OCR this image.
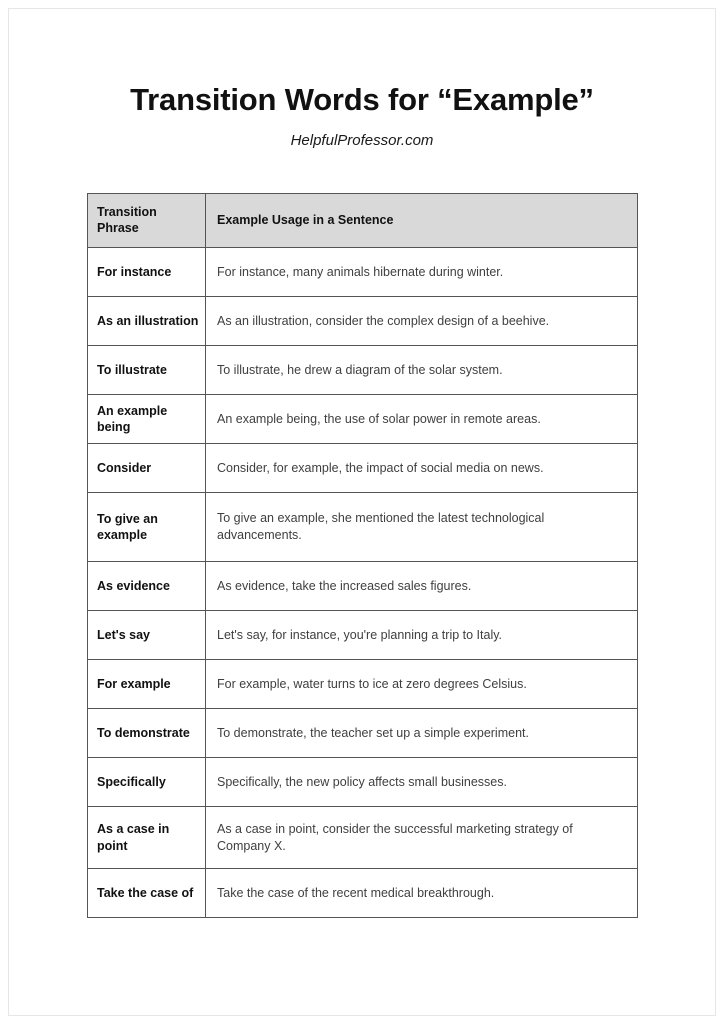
Transition Words for “Example”
HelpfulProfessor.com
Transition Phrase	Example Usage in a Sentence
For instance	For instance, many animals hibernate during winter.
As an illustration	As an illustration, consider the complex design of a beehive.
To illustrate	To illustrate, he drew a diagram of the solar system.
An example being	An example being, the use of solar power in remote areas.
Consider	Consider, for example, the impact of social media on news.
To give an example	To give an example, she mentioned the latest technological advancements.
As evidence	As evidence, take the increased sales figures.
Let's say	Let's say, for instance, you're planning a trip to Italy.
For example	For example, water turns to ice at zero degrees Celsius.
To demonstrate	To demonstrate, the teacher set up a simple experiment.
Specifically	Specifically, the new policy affects small businesses.
As a case in point	As a case in point, consider the successful marketing strategy of Company X.
Take the case of	Take the case of the recent medical breakthrough.
